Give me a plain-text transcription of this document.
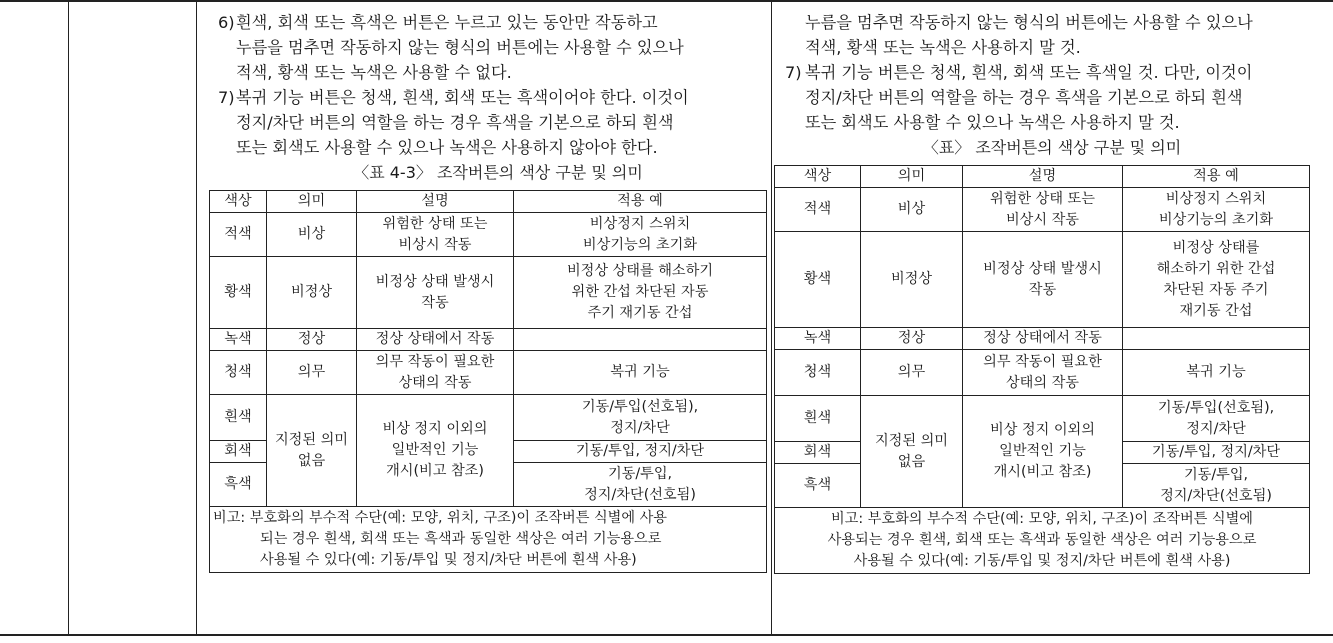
6) 흰색, 회색 또는 흑색은 버튼은 누르고 있는 동안만 작동하고
누름을 멈추면 작동하지 않는 형식의 버튼에는 사용할 수 있으나
적색, 황색 또는 녹색은 사용할 수 없다.
7) 복귀 기능 버튼은 청색, 흰색, 회색 또는 흑색이어야 한다. 이것이
정지/차단 버튼의 역할을 하는 경우 흑색을 기본으로 하되 흰색
또는 회색도 사용할 수 있으나 녹색은 사용하지 않아야 한다.
〈표 4-3〉 조작버튼의 색상 구분 및 의미
색상	의미	설명	적용 예
적색	비상	위험한 상태 또는
비상시 작동	비상정지 스위치
비상기능의 초기화

황색	비정상	비정상 상태 발생시
작동	비정상 상태를 해소하기
위한 간섭 차단된 자동
주기 재기동 간섭

녹색	정상	정상 상태에서 작동	
청색	의무	의무 작동이 필요한
상태의 작동	복귀 기능
흰색	지정된 의미
없음	비상 정지 이외의
일반적인 기능
개시(비고 참조)	기동/투입(선호됨),
정지/차단

회색			기동/투입, 정지/차단
흑색			기동/투입,
정지/차단(선호됨)

비고: 부호화의 부수적 수단(예: 모양, 위치, 구조)이 조작버튼 식별에 사용
되는 경우 흰색, 회색 또는 흑색과 동일한 색상은 여러 기능용으로
사용될 수 있다(예: 기동/투입 및 정지/차단 버튼에 흰색 사용)			
누름을 멈추면 작동하지 않는 형식의 버튼에는 사용할 수 있으나
적색, 황색 또는 녹색은 사용하지 말 것.
7) 복귀 기능 버튼은 청색, 흰색, 회색 또는 흑색일 것. 다만, 이것이
정지/차단 버튼의 역할을 하는 경우 흑색을 기본으로 하되 흰색
또는 회색도 사용할 수 있으나 녹색은 사용하지 말 것.
〈표〉 조작버튼의 색상 구분 및 의미
색상	의미	설명	적용 예
적색	비상	위험한 상태 또는
비상시 작동	비상정지 스위치
비상기능의 초기화

황색	비정상	비정상 상태 발생시
작동	비정상 상태를
해소하기 위한 간섭
차단된 자동 주기
재기동 간섭

녹색	정상	정상 상태에서 작동	
청색	의무	의무 작동이 필요한
상태의 작동	복귀 기능
흰색	지정된 의미
없음	비상 정지 이외의
일반적인 기능
개시(비고 참조)	기동/투입(선호됨),
정지/차단

회색			기동/투입, 정지/차단
흑색			기동/투입,
정지/차단(선호됨)

비고: 부호화의 부수적 수단(예: 모양, 위치, 구조)이 조작버튼 식별에
사용되는 경우 흰색, 회색 또는 흑색과 동일한 색상은 여러 기능용으로
사용될 수 있다(예: 기동/투입 및 정지/차단 버튼에 흰색 사용)			
